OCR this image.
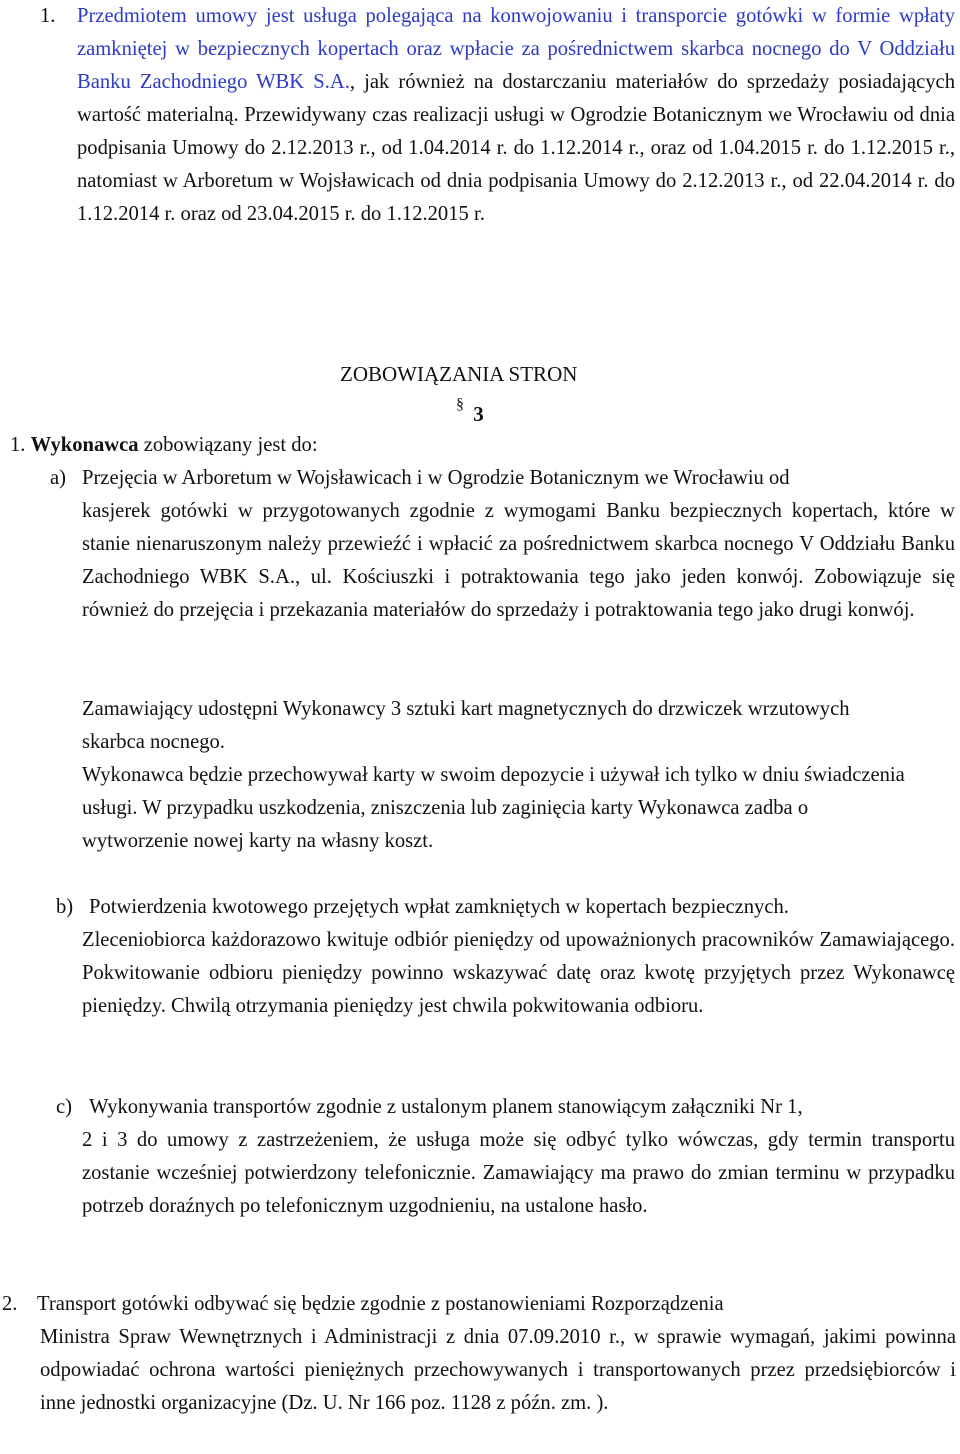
1. Przedmiotem umowy jest usługa polegająca na konwojowaniu i transporcie gotówki w formie wpłaty zamkniętej w bezpiecznych kopertach oraz wpłacie za pośrednictwem skarbca nocnego do V Oddziału Banku Zachodniego WBK S.A., jak również na dostarczaniu materiałów do sprzedaży posiadających wartość materialną. Przewidywany czas realizacji usługi w Ogrodzie Botanicznym we Wrocławiu od dnia podpisania Umowy do 2.12.2013 r., od 1.04.2014 r. do 1.12.2014 r., oraz od 1.04.2015 r. do 1.12.2015 r., natomiast w Arboretum w Wojsławicach od dnia podpisania Umowy do 2.12.2013 r., od 22.04.2014 r. do 1.12.2014 r. oraz od 23.04.2015 r. do 1.12.2015 r.
ZOBOWIĄZANIA STRON
§ 3
1. Wykonawca zobowiązany jest do:
a) Przejęcia w Arboretum w Wojsławicach i w Ogrodzie Botanicznym we Wrocławiu od
kasjerek gotówki w przygotowanych zgodnie z wymogami Banku bezpiecznych kopertach, które w stanie nienaruszonym należy przewieźć i wpłacić za pośrednictwem skarbca nocnego V Oddziału Banku Zachodniego WBK S.A., ul. Kościuszki i potraktowania tego jako jeden konwój. Zobowiązuje się również do przejęcia i przekazania materiałów do sprzedaży i potraktowania tego jako drugi konwój.
Zamawiający udostępni Wykonawcy 3 sztuki kart magnetycznych do drzwiczek wrzutowych skarbca nocnego.
Wykonawca będzie przechowywał karty w swoim depozycie i używał ich tylko w dniu świadczenia usługi. W przypadku uszkodzenia, zniszczenia lub zaginięcia karty Wykonawca zadba o wytworzenie nowej karty na własny koszt.
b) Potwierdzenia kwotowego przejętych wpłat zamkniętych w kopertach bezpiecznych.
Zleceniobiorca każdorazowo kwituje odbiór pieniędzy od upoważnionych pracowników Zamawiającego. Pokwitowanie odbioru pieniędzy powinno wskazywać datę oraz kwotę przyjętych przez Wykonawcę pieniędzy. Chwilą otrzymania pieniędzy jest chwila pokwitowania odbioru.
c) Wykonywania transportów zgodnie z ustalonym planem stanowiącym załączniki Nr 1,
2 i 3 do umowy z zastrzeżeniem, że usługa może się odbyć tylko wówczas, gdy termin transportu zostanie wcześniej potwierdzony telefonicznie. Zamawiający ma prawo do zmian terminu w przypadku potrzeb doraźnych po telefonicznym uzgodnieniu, na ustalone hasło.
2. Transport gotówki odbywać się będzie zgodnie z postanowieniami Rozporządzenia
Ministra Spraw Wewnętrznych i Administracji z dnia 07.09.2010 r., w sprawie wymagań, jakimi powinna odpowiadać ochrona wartości pieniężnych przechowywanych i transportowanych przez przedsiębiorców i inne jednostki organizacyjne (Dz. U. Nr 166 poz. 1128 z późn. zm. ).
